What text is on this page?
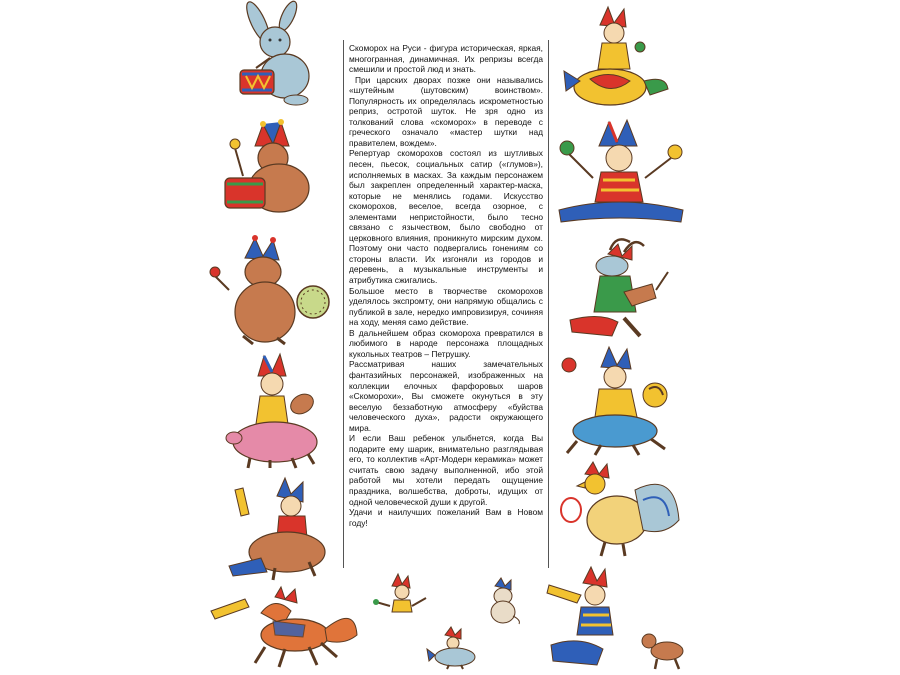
Скоморох на Руси - фигура историческая, яркая, многогранная, динамичная. Их репризы всегда смешили и простой люд и знать.

При царских дворах позже они назывались «шутейным (шутовским) воинством». Популярность их определялась искрометностью реприз, остротой шуток. Не зря одно из толкований слова «скоморох» в переводе с греческого означало «мастер шутки над правителем, вождем».

Репертуар скоморохов состоял из шутливых песен, пьесок, социальных сатир («глумов»), исполняемых в масках. За каждым персонажем был закреплен определенный характер-маска, которые не менялись годами. Искусство скоморохов, веселое, всегда озорное, с элементами непристойности, было тесно связано с язычеством, было свободно от церковного влияния, проникнуто мирским духом. Поэтому они часто подвергались гонениям со стороны власти. Их изгоняли из городов и деревень, а музыкальные инструменты и атрибутика сжигались.

Большое место в творчестве скоморохов уделялось экспромту, они напрямую общались с публикой в зале, нередко импровизируя, сочиняя на ходу, меняя само действие.

В дальнейшем образ скомороха превратился в любимого в народе персонажа площадных кукольных театров – Петрушку.

Рассматривая наших замечательных фантазийных персонажей, изображенных на коллекции елочных фарфоровых шаров «Скоморохи», Вы сможете окунуться в эту веселую беззаботную атмосферу «буйства человеческого духа», радости окружающего мира.

И если Ваш ребенок улыбнется, когда Вы подарите ему шарик, внимательно разглядывая его, то коллектив «Арт-Модерн керамика» может считать свою задачу выполненной, ибо этой работой мы хотели передать ощущение праздника, волшебства, доброты, идущих от одной человеческой души к другой.

Удачи и наилучших пожеланий Вам в Новом году!
